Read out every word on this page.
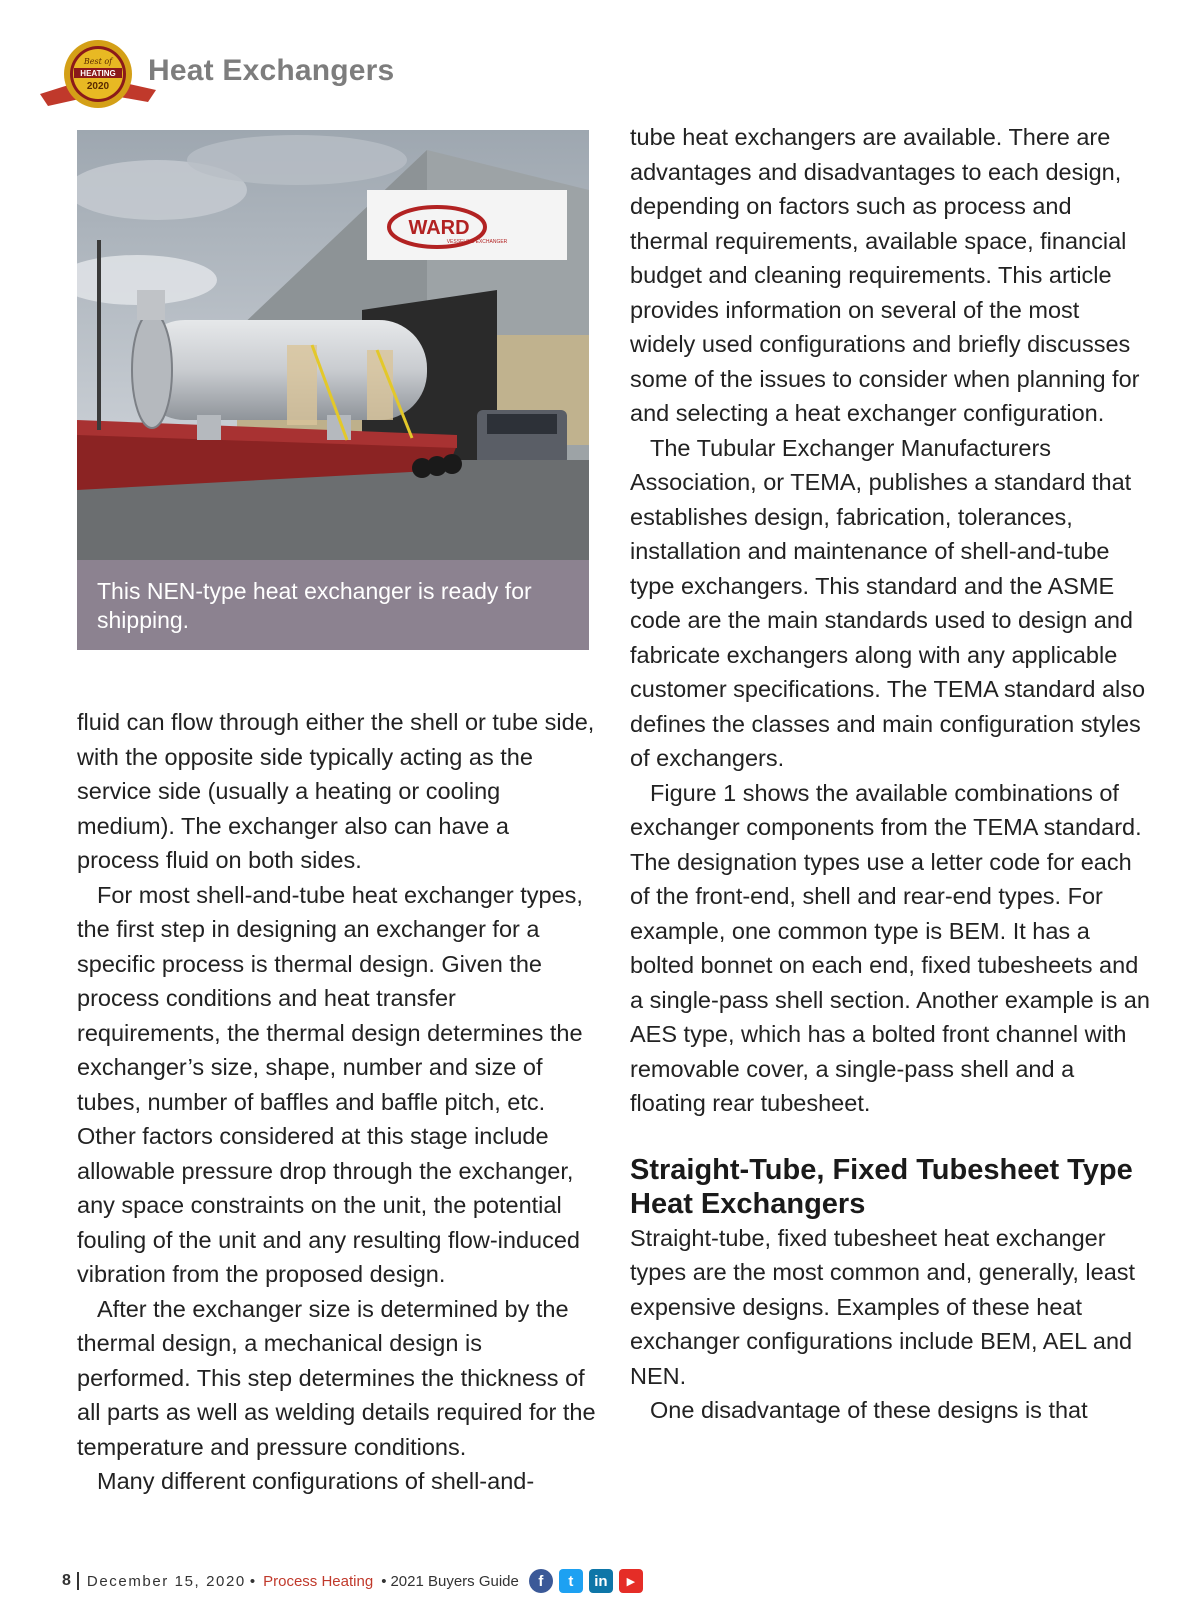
Best of
HEATING
2020 Heat Exchangers
WARD
VESSELS & EXCHANGER
This NEN-type heat exchanger is ready for shipping.

fluid can flow through either the shell or tube side, with the opposite side typically acting as the service side (usually a heating or cooling medium). The exchanger also can have a process fluid on both sides.

For most shell-and-tube heat exchanger types, the first step in designing an exchanger for a specific process is thermal design. Given the process conditions and heat transfer requirements, the thermal design determines the exchanger’s size, shape, number and size of tubes, number of baffles and baffle pitch, etc. Other factors considered at this stage include allowable pressure drop through the exchanger, any space constraints on the unit, the potential fouling of the unit and any resulting flow-induced vibration from the proposed design.

After the exchanger size is determined by the thermal design, a mechanical design is performed. This step determines the thickness of all parts as well as welding details required for the temperature and pressure conditions.

Many different configurations of shell-and-

tube heat exchangers are available. There are advantages and disadvantages to each design, depending on factors such as process and thermal requirements, available space, financial budget and cleaning requirements. This article provides information on several of the most widely used configurations and briefly discusses some of the issues to consider when planning for and selecting a heat exchanger configuration.

The Tubular Exchanger Manufacturers Association, or TEMA, publishes a standard that establishes design, fabrication, tolerances, installation and maintenance of shell-and-tube type exchangers. This standard and the ASME code are the main standards used to design and fabricate exchangers along with any applicable customer specifications. The TEMA standard also defines the classes and main configuration styles of exchangers.

Figure 1 shows the available combinations of exchanger components from the TEMA standard. The designation types use a letter code for each of the front-end, shell and rear-end types. For example, one common type is BEM. It has a bolted bonnet on each end, fixed tubesheets and a single-pass shell section. Another example is an AES type, which has a bolted front channel with removable cover, a single-pass shell and a floating rear tubesheet.

Straight-Tube, Fixed Tubesheet Type Heat Exchangers

Straight-tube, fixed tubesheet heat exchanger types are the most common and, generally, least expensive designs. Examples of these heat exchanger configurations include BEM, AEL and NEN.

One disadvantage of these designs is that

8	December 15, 2020 • Process Heating • 2021 Buyers Guide	f	t	in	▶
